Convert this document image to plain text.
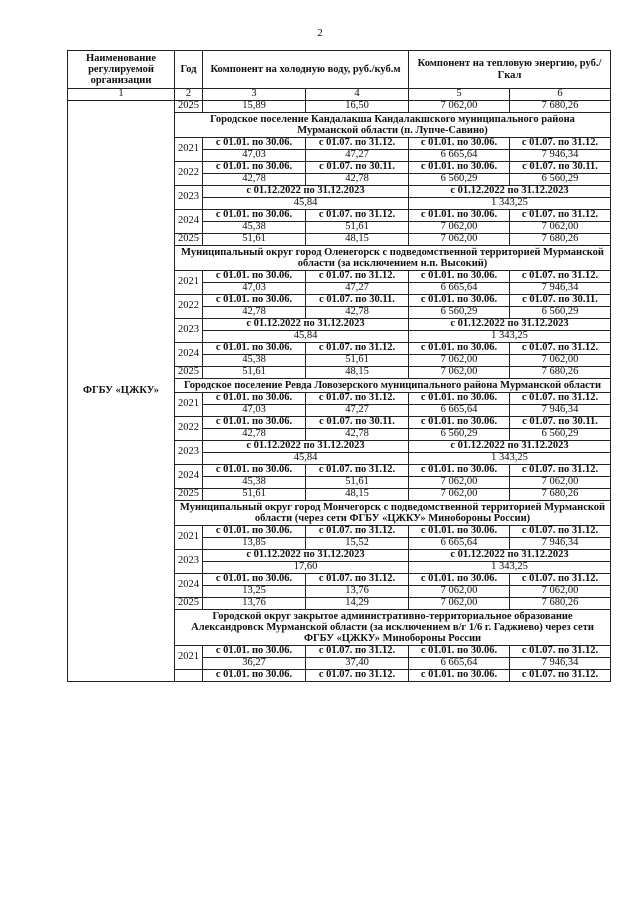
2
Наименование регулируемой организации	Год	Компонент на холодную воду, руб./куб.м		Компонент на тепловую энергию, руб./Гкал	
1	2	3	4	5	6
ФГБУ «ЦЖКУ»	2025	15,89	16,50	7 062,00	7 680,26
	Городское поселение Кандалакша Кандалакшского муниципального района Мурманской области (п. Лупче-Савино)				
	2021	с 01.01. по 30.06.	с 01.07. по 31.12.	с 01.01. по 30.06.	с 01.07. по 31.12.
		47,03	47,27	6 665,64	7 946,34
	2022	с 01.01. по 30.06.	с 01.07. по 30.11.	с 01.01. по 30.06.	с 01.07. по 30.11.
		42,78	42,78	6 560,29	6 560,29
	2023	с 01.12.2022 по 31.12.2023		с 01.12.2022 по 31.12.2023	
		45,84		1 343,25	
	2024	с 01.01. по 30.06.	с 01.07. по 31.12.	с 01.01. по 30.06.	с 01.07. по 31.12.
		45,38	51,61	7 062,00	7 062,00
	2025	51,61	48,15	7 062,00	7 680,26
	Муниципальный округ город Оленегорск с подведомственной территорией Мурманской области (за исключением н.п. Высокий)				
	2021	с 01.01. по 30.06.	с 01.07. по 31.12.	с 01.01. по 30.06.	с 01.07. по 31.12.
		47,03	47,27	6 665,64	7 946,34
	2022	с 01.01. по 30.06.	с 01.07. по 30.11.	с 01.01. по 30.06.	с 01.07. по 30.11.
		42,78	42,78	6 560,29	6 560,29
	2023	с 01.12.2022 по 31.12.2023		с 01.12.2022 по 31.12.2023	
		45,84		1 343,25	
	2024	с 01.01. по 30.06.	с 01.07. по 31.12.	с 01.01. по 30.06.	с 01.07. по 31.12.
		45,38	51,61	7 062,00	7 062,00
	2025	51,61	48,15	7 062,00	7 680,26
	Городское поселение Ревда Ловозерского муниципального района Мурманской области				
	2021	с 01.01. по 30.06.	с 01.07. по 31.12.	с 01.01. по 30.06.	с 01.07. по 31.12.
		47,03	47,27	6 665,64	7 946,34
	2022	с 01.01. по 30.06.	с 01.07. по 30.11.	с 01.01. по 30.06.	с 01.07. по 30.11.
		42,78	42,78	6 560,29	6 560,29
	2023	с 01.12.2022 по 31.12.2023		с 01.12.2022 по 31.12.2023	
		45,84		1 343,25	
	2024	с 01.01. по 30.06.	с 01.07. по 31.12.	с 01.01. по 30.06.	с 01.07. по 31.12.
		45,38	51,61	7 062,00	7 062,00
	2025	51,61	48,15	7 062,00	7 680,26
	Муниципальный округ город Мончегорск с подведомственной территорией Мурманской области (через сети ФГБУ «ЦЖКУ» Минобороны России)				
	2021	с 01.01. по 30.06.	с 01.07. по 31.12.	с 01.01. по 30.06.	с 01.07. по 31.12.
		13,85	15,52	6 665,64	7 946,34
	2023	с 01.12.2022 по 31.12.2023		с 01.12.2022 по 31.12.2023	
		17,60		1 343,25	
	2024	с 01.01. по 30.06.	с 01.07. по 31.12.	с 01.01. по 30.06.	с 01.07. по 31.12.
		13,25	13,76	7 062,00	7 062,00
	2025	13,76	14,29	7 062,00	7 680,26
	Городской округ закрытое административно-территориальное образование Александровск Мурманской области (за исключением в/г 1/6 г. Гаджиево) через сети ФГБУ «ЦЖКУ» Минобороны России				
	2021	с 01.01. по 30.06.	с 01.07. по 31.12.	с 01.01. по 30.06.	с 01.07. по 31.12.
		36,27	37,40	6 665,64	7 946,34
		с 01.01. по 30.06.	с 01.07. по 31.12.	с 01.01. по 30.06.	с 01.07. по 31.12.
